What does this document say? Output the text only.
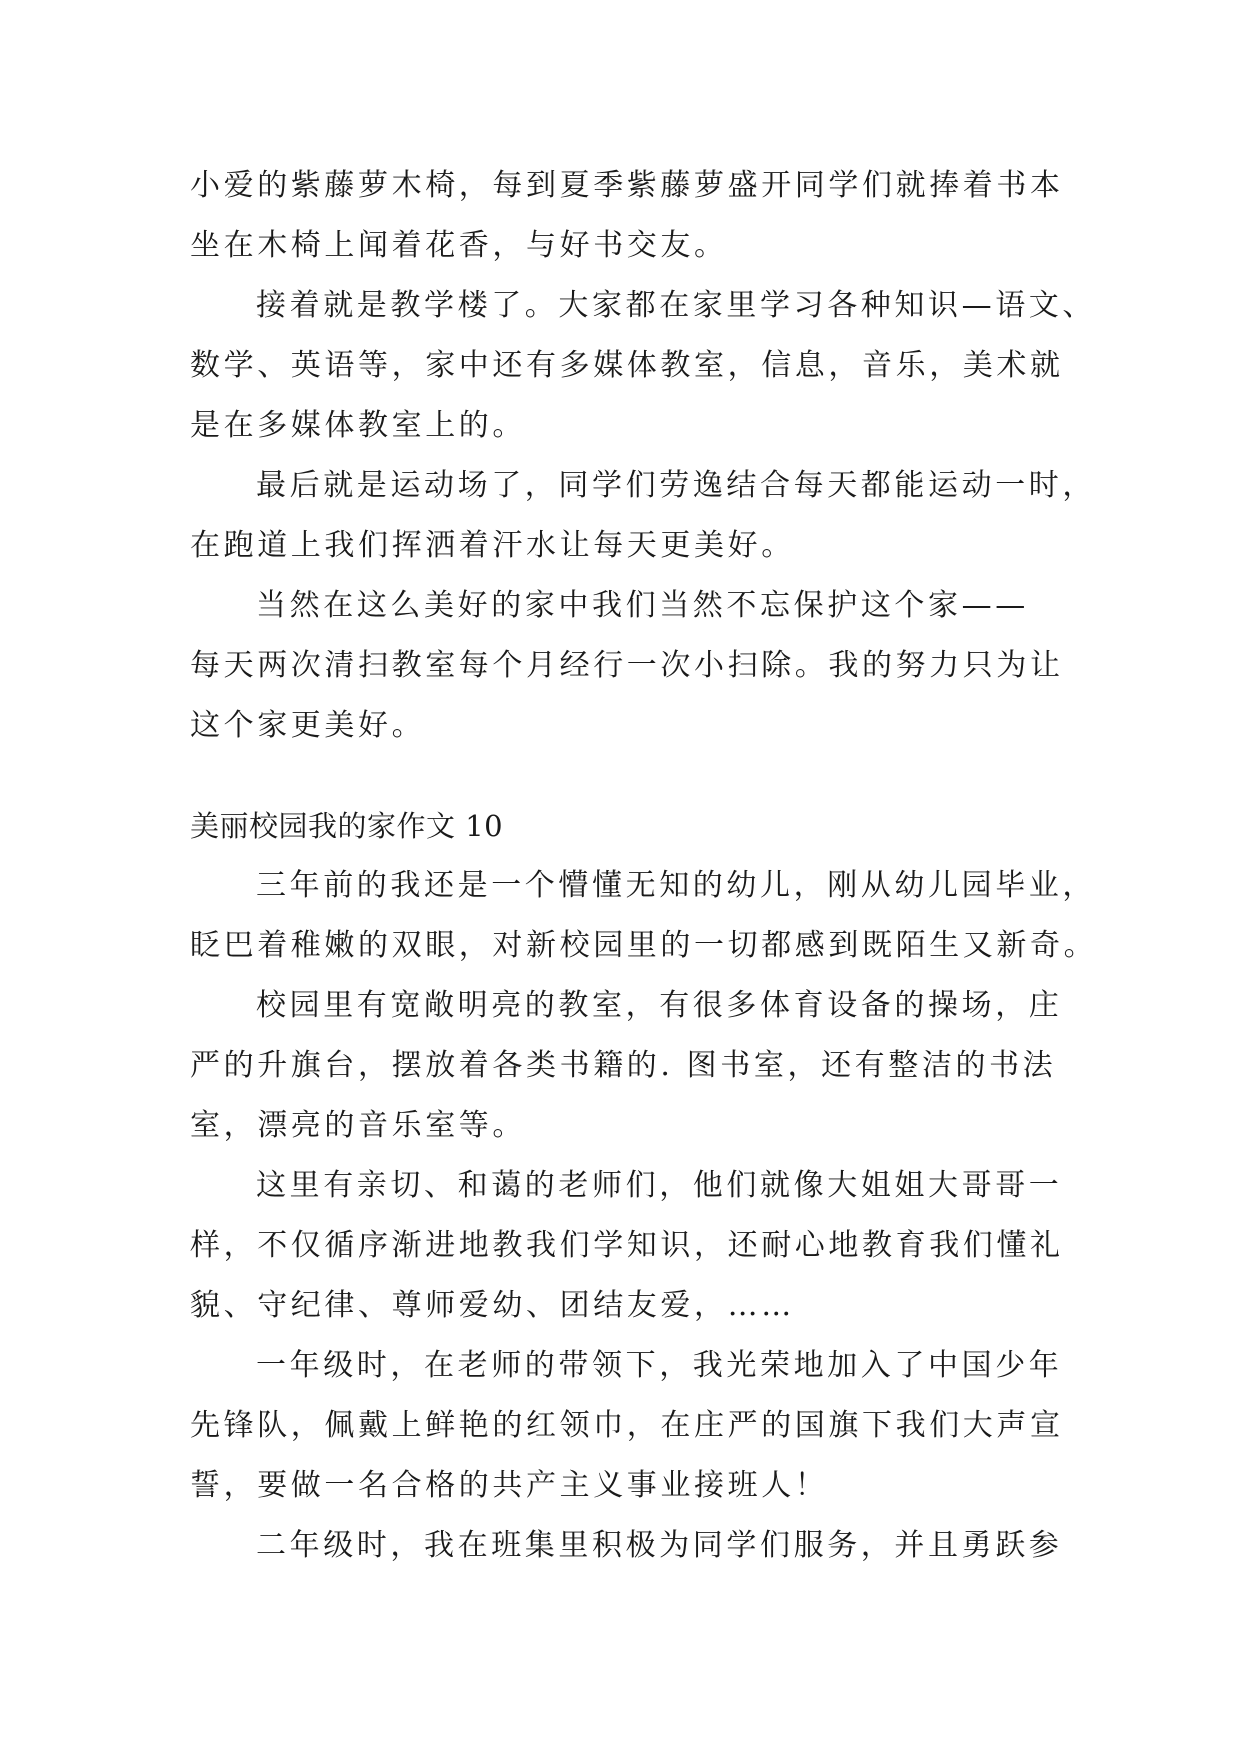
小爱的紫藤萝木椅，每到夏季紫藤萝盛开同学们就捧着书本
坐在木椅上闻着花香，与好书交友。
接着就是教学楼了。大家都在家里学习各种知识—语文、
数学、英语等，家中还有多媒体教室，信息，音乐，美术就
是在多媒体教室上的。
最后就是运动场了，同学们劳逸结合每天都能运动一时，
在跑道上我们挥洒着汗水让每天更美好。
当然在这么美好的家中我们当然不忘保护这个家——
每天两次清扫教室每个月经行一次小扫除。我的努力只为让
这个家更美好。
美丽校园我的家作文 10
三年前的我还是一个懵懂无知的幼儿，刚从幼儿园毕业，
眨巴着稚嫩的双眼，对新校园里的一切都感到既陌生又新奇。
校园里有宽敞明亮的教室，有很多体育设备的操场，庄
严的升旗台，摆放着各类书籍的. 图书室，还有整洁的书法
室，漂亮的音乐室等。
这里有亲切、和蔼的老师们，他们就像大姐姐大哥哥一
样，不仅循序渐进地教我们学知识，还耐心地教育我们懂礼
貌、守纪律、尊师爱幼、团结友爱，……
一年级时，在老师的带领下，我光荣地加入了中国少年
先锋队，佩戴上鲜艳的红领巾，在庄严的国旗下我们大声宣
誓，要做一名合格的共产主义事业接班人！
二年级时，我在班集里积极为同学们服务，并且勇跃参
